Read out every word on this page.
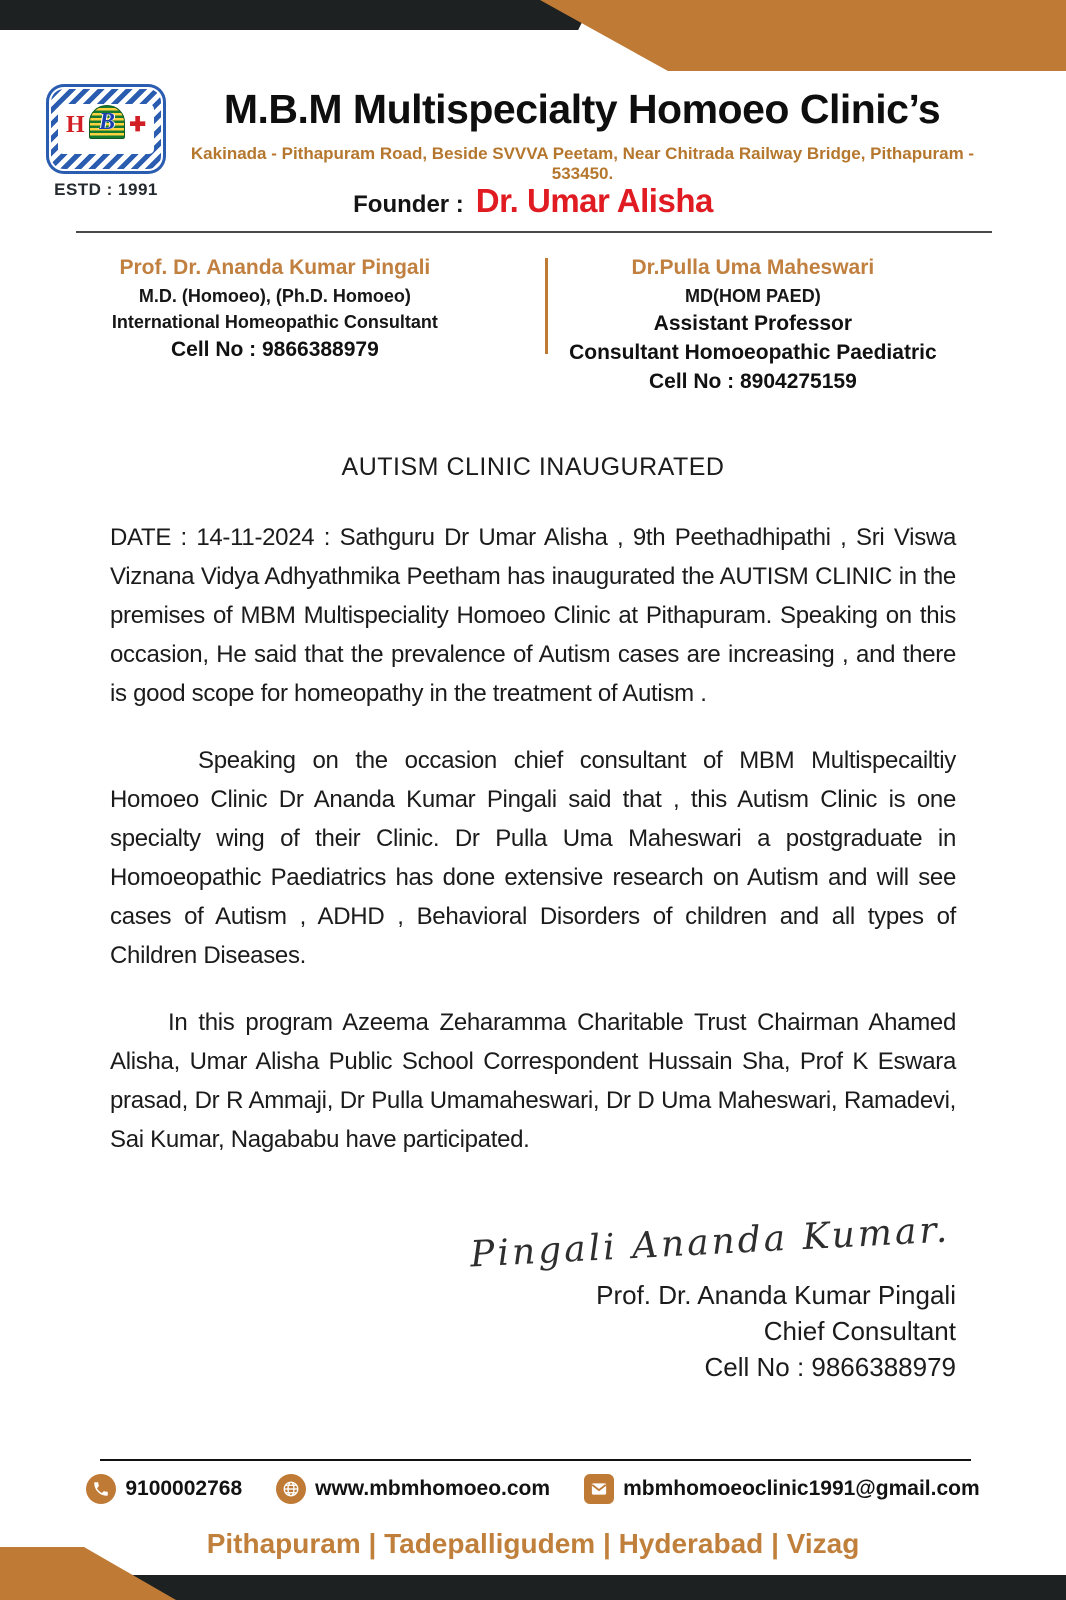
H B ✚
ESTD : 1991
M.B.M Multispecialty Homoeo Clinic’s
Kakinada - Pithapuram Road, Beside SVVVA Peetam, Near Chitrada Railway Bridge, Pithapuram - 533450.
Founder : Dr. Umar Alisha
Prof. Dr. Ananda Kumar Pingali
M.D. (Homoeo), (Ph.D. Homoeo)
International Homeopathic Consultant
Cell No : 9866388979
Dr.Pulla Uma Maheswari
MD(HOM PAED)
Assistant Professor
Consultant Homoeopathic Paediatric
Cell No : 8904275159
AUTISM CLINIC INAUGURATED

DATE : 14-11-2024 : Sathguru Dr Umar Alisha , 9th Peethadhipathi , Sri Viswa Viznana Vidya Adhyathmika Peetham has inaugurated the AUTISM CLINIC in the premises of MBM Multispeciality Homoeo Clinic at Pithapuram. Speaking on this occasion, He said that the prevalence of Autism cases are increasing , and there is good scope for homeopathy in the treatment of Autism .

Speaking on the occasion chief consultant of MBM Multispecailtiy Homoeo Clinic Dr Ananda Kumar Pingali said that , this Autism Clinic is one specialty wing of their Clinic. Dr Pulla Uma Maheswari a postgraduate in Homoeopathic Paediatrics has done extensive research on Autism and will see cases of Autism , ADHD , Behavioral Disorders of children and all types of Children Diseases.

In this program Azeema Zeharamma Charitable Trust Chairman Ahamed Alisha, Umar Alisha Public School Correspondent Hussain Sha, Prof K Eswara prasad, Dr R Ammaji, Dr Pulla Umamaheswari, Dr D Uma Maheswari, Ramadevi, Sai Kumar, Nagababu have participated.

Pingali Ananda Kumar.
Prof. Dr. Ananda Kumar Pingali
Chief Consultant
Cell No : 9866388979
9100002768	www.mbmhomoeo.com	mbmhomoeoclinic1991@gmail.com
Pithapuram | Tadepalligudem | Hyderabad | Vizag
